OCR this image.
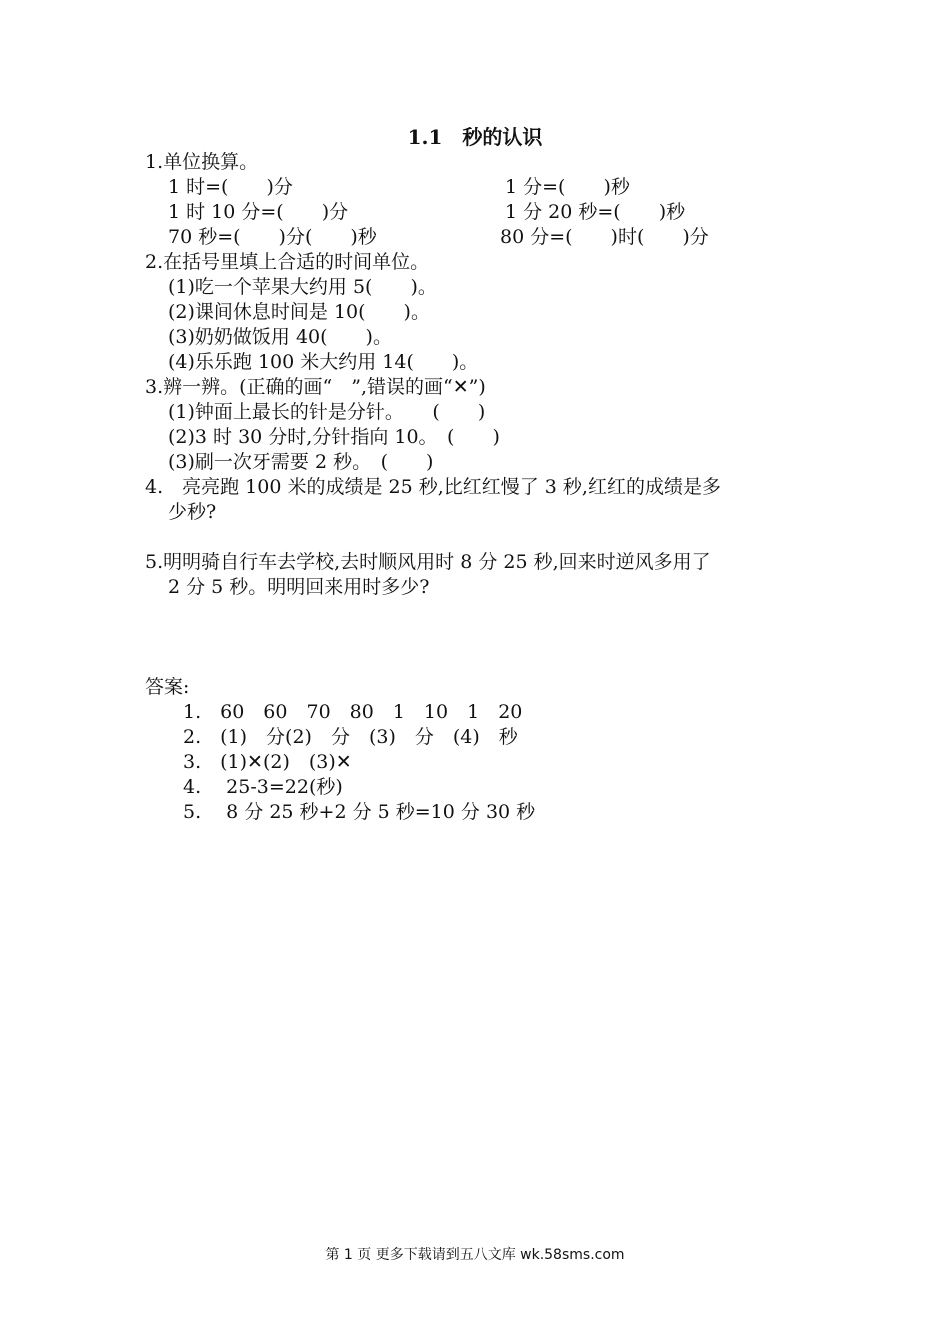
1.1　秒的认识
1.单位换算。
1 时=(　　)分	1 分=(　　)秒
1 时 10 分=(　　)分	1 分 20 秒=(　　)秒
70 秒=(　　)分(　　)秒	80 分=(　　)时(　　)分
2.在括号里填上合适的时间单位。
(1)吃一个苹果大约用 5(　　)。
(2)课间休息时间是 10(　　)。
(3)奶奶做饭用 40(　　)。
(4)乐乐跑 100 米大约用 14(　　)。
3.辨一辨。(正确的画“　”,错误的画“✕”)
(1)钟面上最长的针是分针。　　(　　)
(2)3 时 30 分时,分针指向 10。　(　　)
(3)刷一次牙需要 2 秒。　(　　)
4.　亮亮跑 100 米的成绩是 25 秒,比红红慢了 3 秒,红红的成绩是多
少秒?
5.明明骑自行车去学校,去时顺风用时 8 分 25 秒,回来时逆风多用了
2 分 5 秒。明明回来用时多少?
答案:
1.　60　60　70　80　1　10　1　20
2.　(1)　分(2)　分　(3)　分　(4)　秒
3.　(1)✕(2)　(3)✕
4.　 25-3=22(秒)
5.　 8 分 25 秒+2 分 5 秒=10 分 30 秒
第 1 页 更多下载请到五八文库 wk.58sms.com
